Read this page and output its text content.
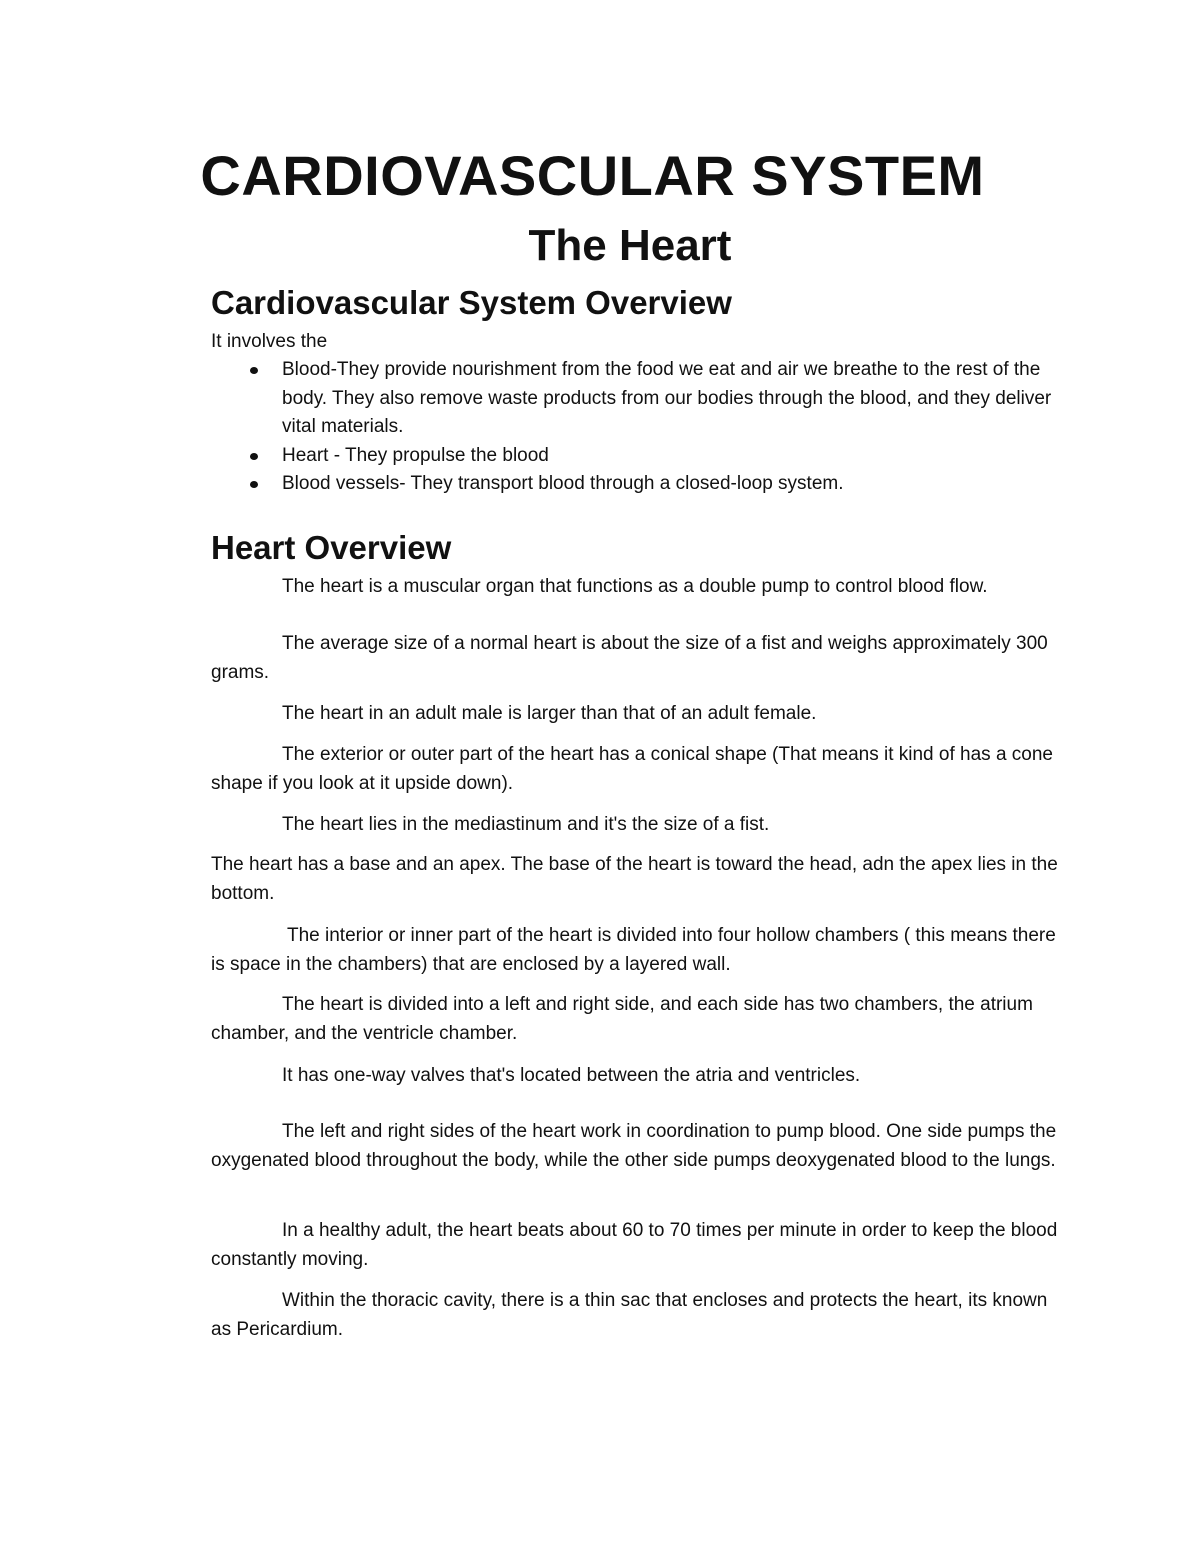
CARDIOVASCULAR SYSTEM
The Heart
Cardiovascular System Overview

It involves the

Blood-They provide nourishment from the food we eat and air we breathe to the rest of the body. They also remove waste products from our bodies through the blood, and they deliver vital materials.
Heart - They propulse the blood
Blood vessels- They transport blood through a closed-loop system.
Heart Overview

The heart is a muscular organ that functions as a double pump to control blood flow.

The average size of a normal heart is about the size of a fist and weighs approximately 300 grams.

The heart in an adult male is larger than that of an adult female.

The exterior or outer part of the heart has a conical shape (That means it kind of has a cone shape if you look at it upside down).

The heart lies in the mediastinum and it's the size of a fist.

The heart has a base and an apex. The base of the heart is toward the head, adn the apex lies in the bottom.

The interior or inner part of the heart is divided into four hollow chambers ( this means there is space in the chambers) that are enclosed by a layered wall.

The heart is divided into a left and right side, and each side has two chambers, the atrium chamber, and the ventricle chamber.

It has one-way valves that's located between the atria and ventricles.

The left and right sides of the heart work in coordination to pump blood. One side pumps the oxygenated blood throughout the body, while the other side pumps deoxygenated blood to the lungs.

In a healthy adult, the heart beats about 60 to 70 times per minute in order to keep the blood constantly moving.

Within the thoracic cavity, there is a thin sac that encloses and protects the heart, its known as Pericardium.
